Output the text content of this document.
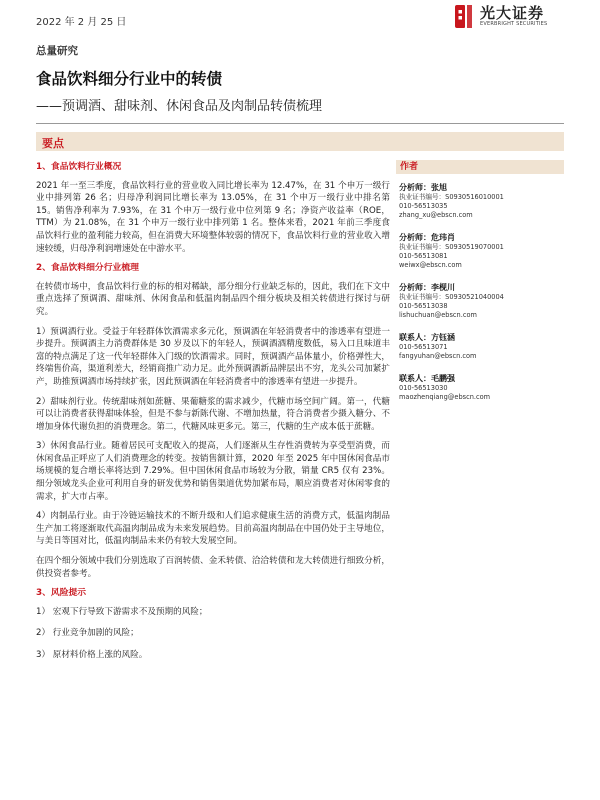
2022 年 2 月 25 日
光大证券
EVERBRIGHT SECURITIES
总量研究
食品饮料细分行业中的转债
——预调酒、甜味剂、休闲食品及肉制品转债梳理
要点
1、食品饮料行业概况

2021 年一至三季度，食品饮料行业的营业收入同比增长率为 12.47%，在 31 个申万一级行业中排列第 26 名；归母净利润同比增长率为 13.05%，在 31 个申万一级行业中排名第 15。销售净利率为 7.93%，在 31 个申万一级行业中位列第 9 名；净资产收益率（ROE，TTM）为 21.08%，在 31 个申万一级行业中排列第 1 名。整体来看，2021 年前三季度食品饮料行业的盈利能力较高，但在消费大环境整体较弱的情况下，食品饮料行业的营业收入增速较缓，归母净利润增速处在中游水平。

2、食品饮料细分行业梳理

在转债市场中，食品饮料行业的标的相对稀缺，部分细分行业缺乏标的，因此，我们在下文中重点选择了预调酒、甜味剂、休闲食品和低温肉制品四个细分板块及相关转债进行探讨与研究。

1）预调酒行业。受益于年轻群体饮酒需求多元化，预调酒在年轻消费者中的渗透率有望进一步提升。预调酒主力消费群体是 30 岁及以下的年轻人，预调酒酒精度数低，易入口且味道丰富的特点满足了这一代年轻群体入门级的饮酒需求。同时，预调酒产品体量小，价格弹性大，终端售价高，渠道利差大，经销商推广动力足。此外预调酒新品牌层出不穷，龙头公司加紧扩产，助推预调酒市场持续扩张，因此预调酒在年轻消费者中的渗透率有望进一步提升。

2）甜味剂行业。传统甜味剂如蔗糖、果葡糖浆的需求减少，代糖市场空间广阔。第一，代糖可以让消费者获得甜味体验，但是不参与新陈代谢、不增加热量，符合消费者少摄入糖分、不增加身体代谢负担的消费理念。第二，代糖风味更多元。第三，代糖的生产成本低于蔗糖。

3）休闲食品行业。随着居民可支配收入的提高，人们逐渐从生存性消费转为享受型消费，而休闲食品正呼应了人们消费理念的转变。按销售额计算，2020 年至 2025 年中国休闲食品市场规模的复合增长率将达到 7.29%。但中国休闲食品市场较为分散，销量 CR5 仅有 23%。细分领域龙头企业可利用自身的研发优势和销售渠道优势加紧布局，顺应消费者对休闲零食的需求，扩大市占率。

4）肉制品行业。由于冷链运输技术的不断升级和人们追求健康生活的消费方式，低温肉制品生产加工将逐渐取代高温肉制品成为未来发展趋势。目前高温肉制品在中国仍处于主导地位，与美日等国对比，低温肉制品未来仍有较大发展空间。

在四个细分领域中我们分别选取了百润转债、金禾转债、洽洽转债和龙大转债进行细致分析，供投资者参考。

3、风险提示
1） 宏观下行导致下游需求不及预期的风险；
2） 行业竞争加剧的风险；
3） 原材料价格上涨的风险。
作者
分析师：张旭
执业证书编号：S0930516010001
010-56513035
zhang_xu@ebscn.com
分析师：危玮肖
执业证书编号：S0930519070001
010-56513081
weiwx@ebscn.com
分析师：李枧川
执业证书编号：S0930521040004
010-56513038
lishuchuan@ebscn.com
联系人：方钰涵
010-56513071
fangyuhan@ebscn.com
联系人：毛鹏强
010-56513030
maozhenqiang@ebscn.com
